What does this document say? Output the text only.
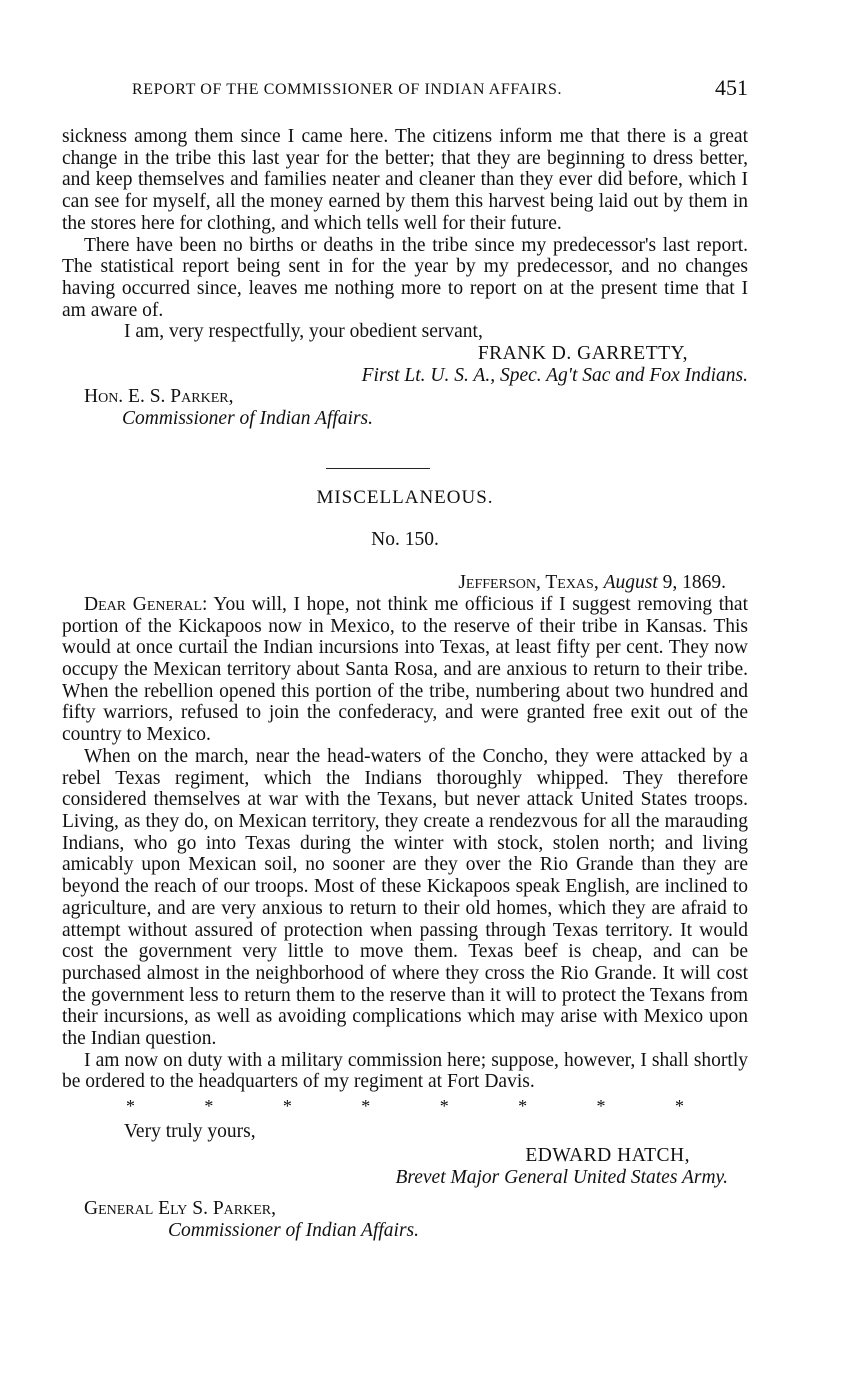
REPORT OF THE COMMISSIONER OF INDIAN AFFAIRS.	451

sickness among them since I came here. The citizens inform me that there is a great change in the tribe this last year for the better; that they are beginning to dress better, and keep themselves and families neater and cleaner than they ever did before, which I can see for myself, all the money earned by them this harvest being laid out by them in the stores here for clothing, and which tells well for their future.

There have been no births or deaths in the tribe since my predecessor's last report. The statistical report being sent in for the year by my predecessor, and no changes having occurred since, leaves me nothing more to report on at the present time that I am aware of.

I am, very respectfully, your obedient servant,

FRANK D. GARRETTY,

First Lt. U. S. A., Spec. Ag't Sac and Fox Indians.

Hon. E. S. Parker,

Commissioner of Indian Affairs.

MISCELLANEOUS.

No. 150.

Jefferson, Texas, August 9, 1869.

Dear General: You will, I hope, not think me officious if I suggest removing that portion of the Kickapoos now in Mexico, to the reserve of their tribe in Kansas. This would at once curtail the Indian incursions into Texas, at least fifty per cent. They now occupy the Mexican territory about Santa Rosa, and are anxious to return to their tribe. When the rebellion opened this portion of the tribe, numbering about two hundred and fifty warriors, refused to join the confederacy, and were granted free exit out of the country to Mexico.

When on the march, near the head-waters of the Concho, they were attacked by a rebel Texas regiment, which the Indians thoroughly whipped. They therefore considered themselves at war with the Texans, but never attack United States troops. Living, as they do, on Mexican territory, they create a rendezvous for all the marauding Indians, who go into Texas during the winter with stock, stolen north; and living amicably upon Mexican soil, no sooner are they over the Rio Grande than they are beyond the reach of our troops. Most of these Kickapoos speak English, are inclined to agriculture, and are very anxious to return to their old homes, which they are afraid to attempt without assured of protection when passing through Texas territory. It would cost the government very little to move them. Texas beef is cheap, and can be purchased almost in the neighborhood of where they cross the Rio Grande. It will cost the government less to return them to the reserve than it will to protect the Texans from their incursions, as well as avoiding complications which may arise with Mexico upon the Indian question.

I am now on duty with a military commission here; suppose, however, I shall shortly be ordered to the headquarters of my regiment at Fort Davis.

*	*	*	*	*	*	*	*

Very truly yours,

EDWARD HATCH,

Brevet Major General United States Army.

General Ely S. Parker,

Commissioner of Indian Affairs.
